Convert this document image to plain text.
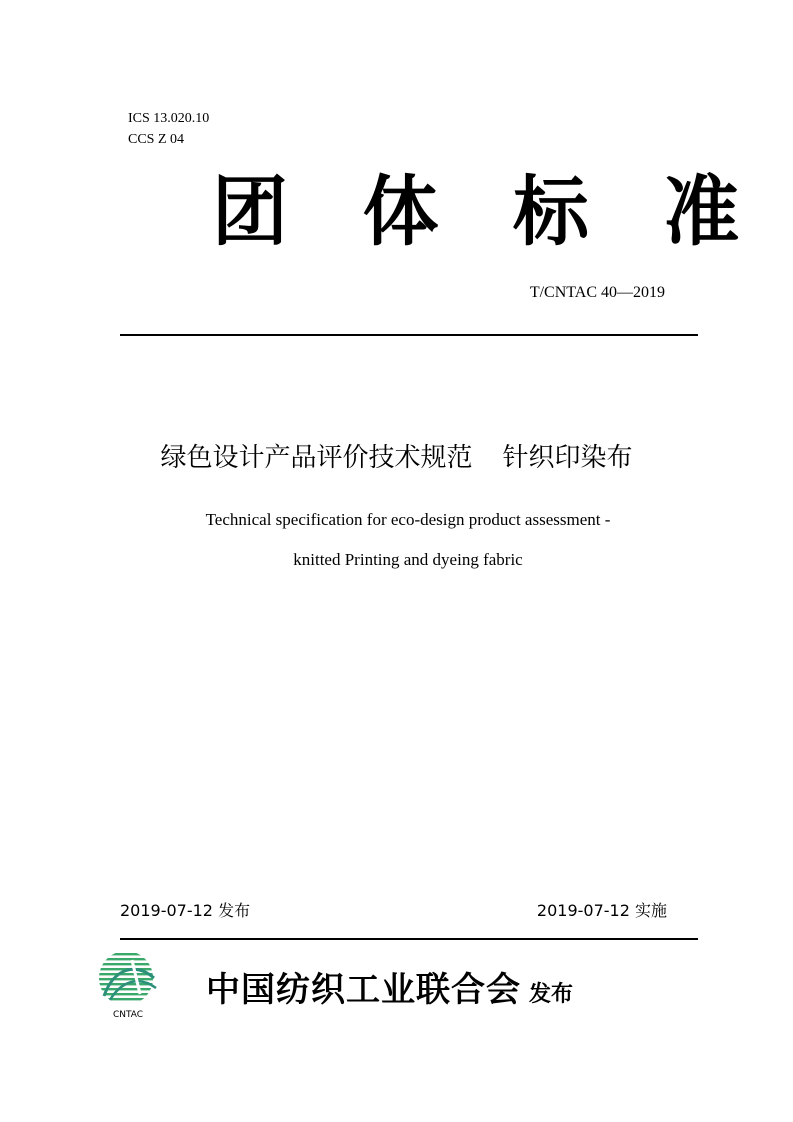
ICS 13.020.10
CCS Z 04
团 体 标 准
T/CNTAC 40—2019
绿色设计产品评价技术规范 针织印染布
Technical specification for eco-design product assessment -
knitted Printing and dyeing fabric
2019-07-12 发布	2019-07-12 实施
CNTAC
中国纺织工业联合会 发布
